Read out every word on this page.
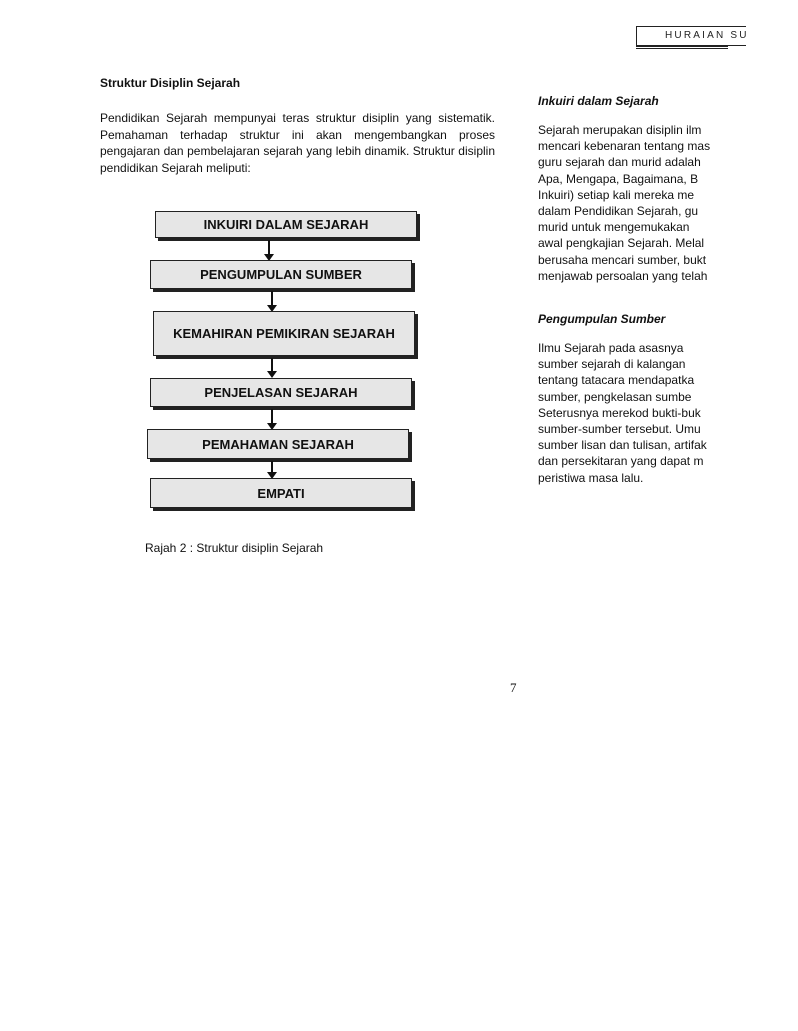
HURAIAN SU

Struktur Disiplin Sejarah

Pendidikan Sejarah mempunyai teras struktur disiplin yang sistematik. Pemahaman terhadap struktur ini akan mengembangkan proses pengajaran dan pembelajaran sejarah yang lebih dinamik. Struktur disiplin pendidikan Sejarah meliputi:

INKUIRI DALAM SEJARAH
PENGUMPULAN SUMBER
KEMAHIRAN PEMIKIRAN SEJARAH
PENJELASAN SEJARAH
PEMAHAMAN SEJARAH
EMPATI
Rajah 2 : Struktur disiplin Sejarah

Inkuiri dalam Sejarah

Sejarah merupakan disiplin ilm

mencari kebenaran tentang mas

guru sejarah dan murid adalah

Apa, Mengapa, Bagaimana, B

Inkuiri) setiap kali mereka me

dalam Pendidikan Sejarah, gu

murid untuk mengemukakan

awal pengkajian Sejarah. Melal

berusaha mencari sumber, bukt

menjawab persoalan yang telah

Pengumpulan Sumber

Ilmu Sejarah pada asasnya

sumber sejarah di kalangan

tentang tatacara mendapatka

sumber, pengkelasan sumbe

Seterusnya merekod bukti-buk

sumber-sumber tersebut. Umu

sumber lisan dan tulisan, artifak

dan persekitaran yang dapat m

peristiwa masa lalu.

7
